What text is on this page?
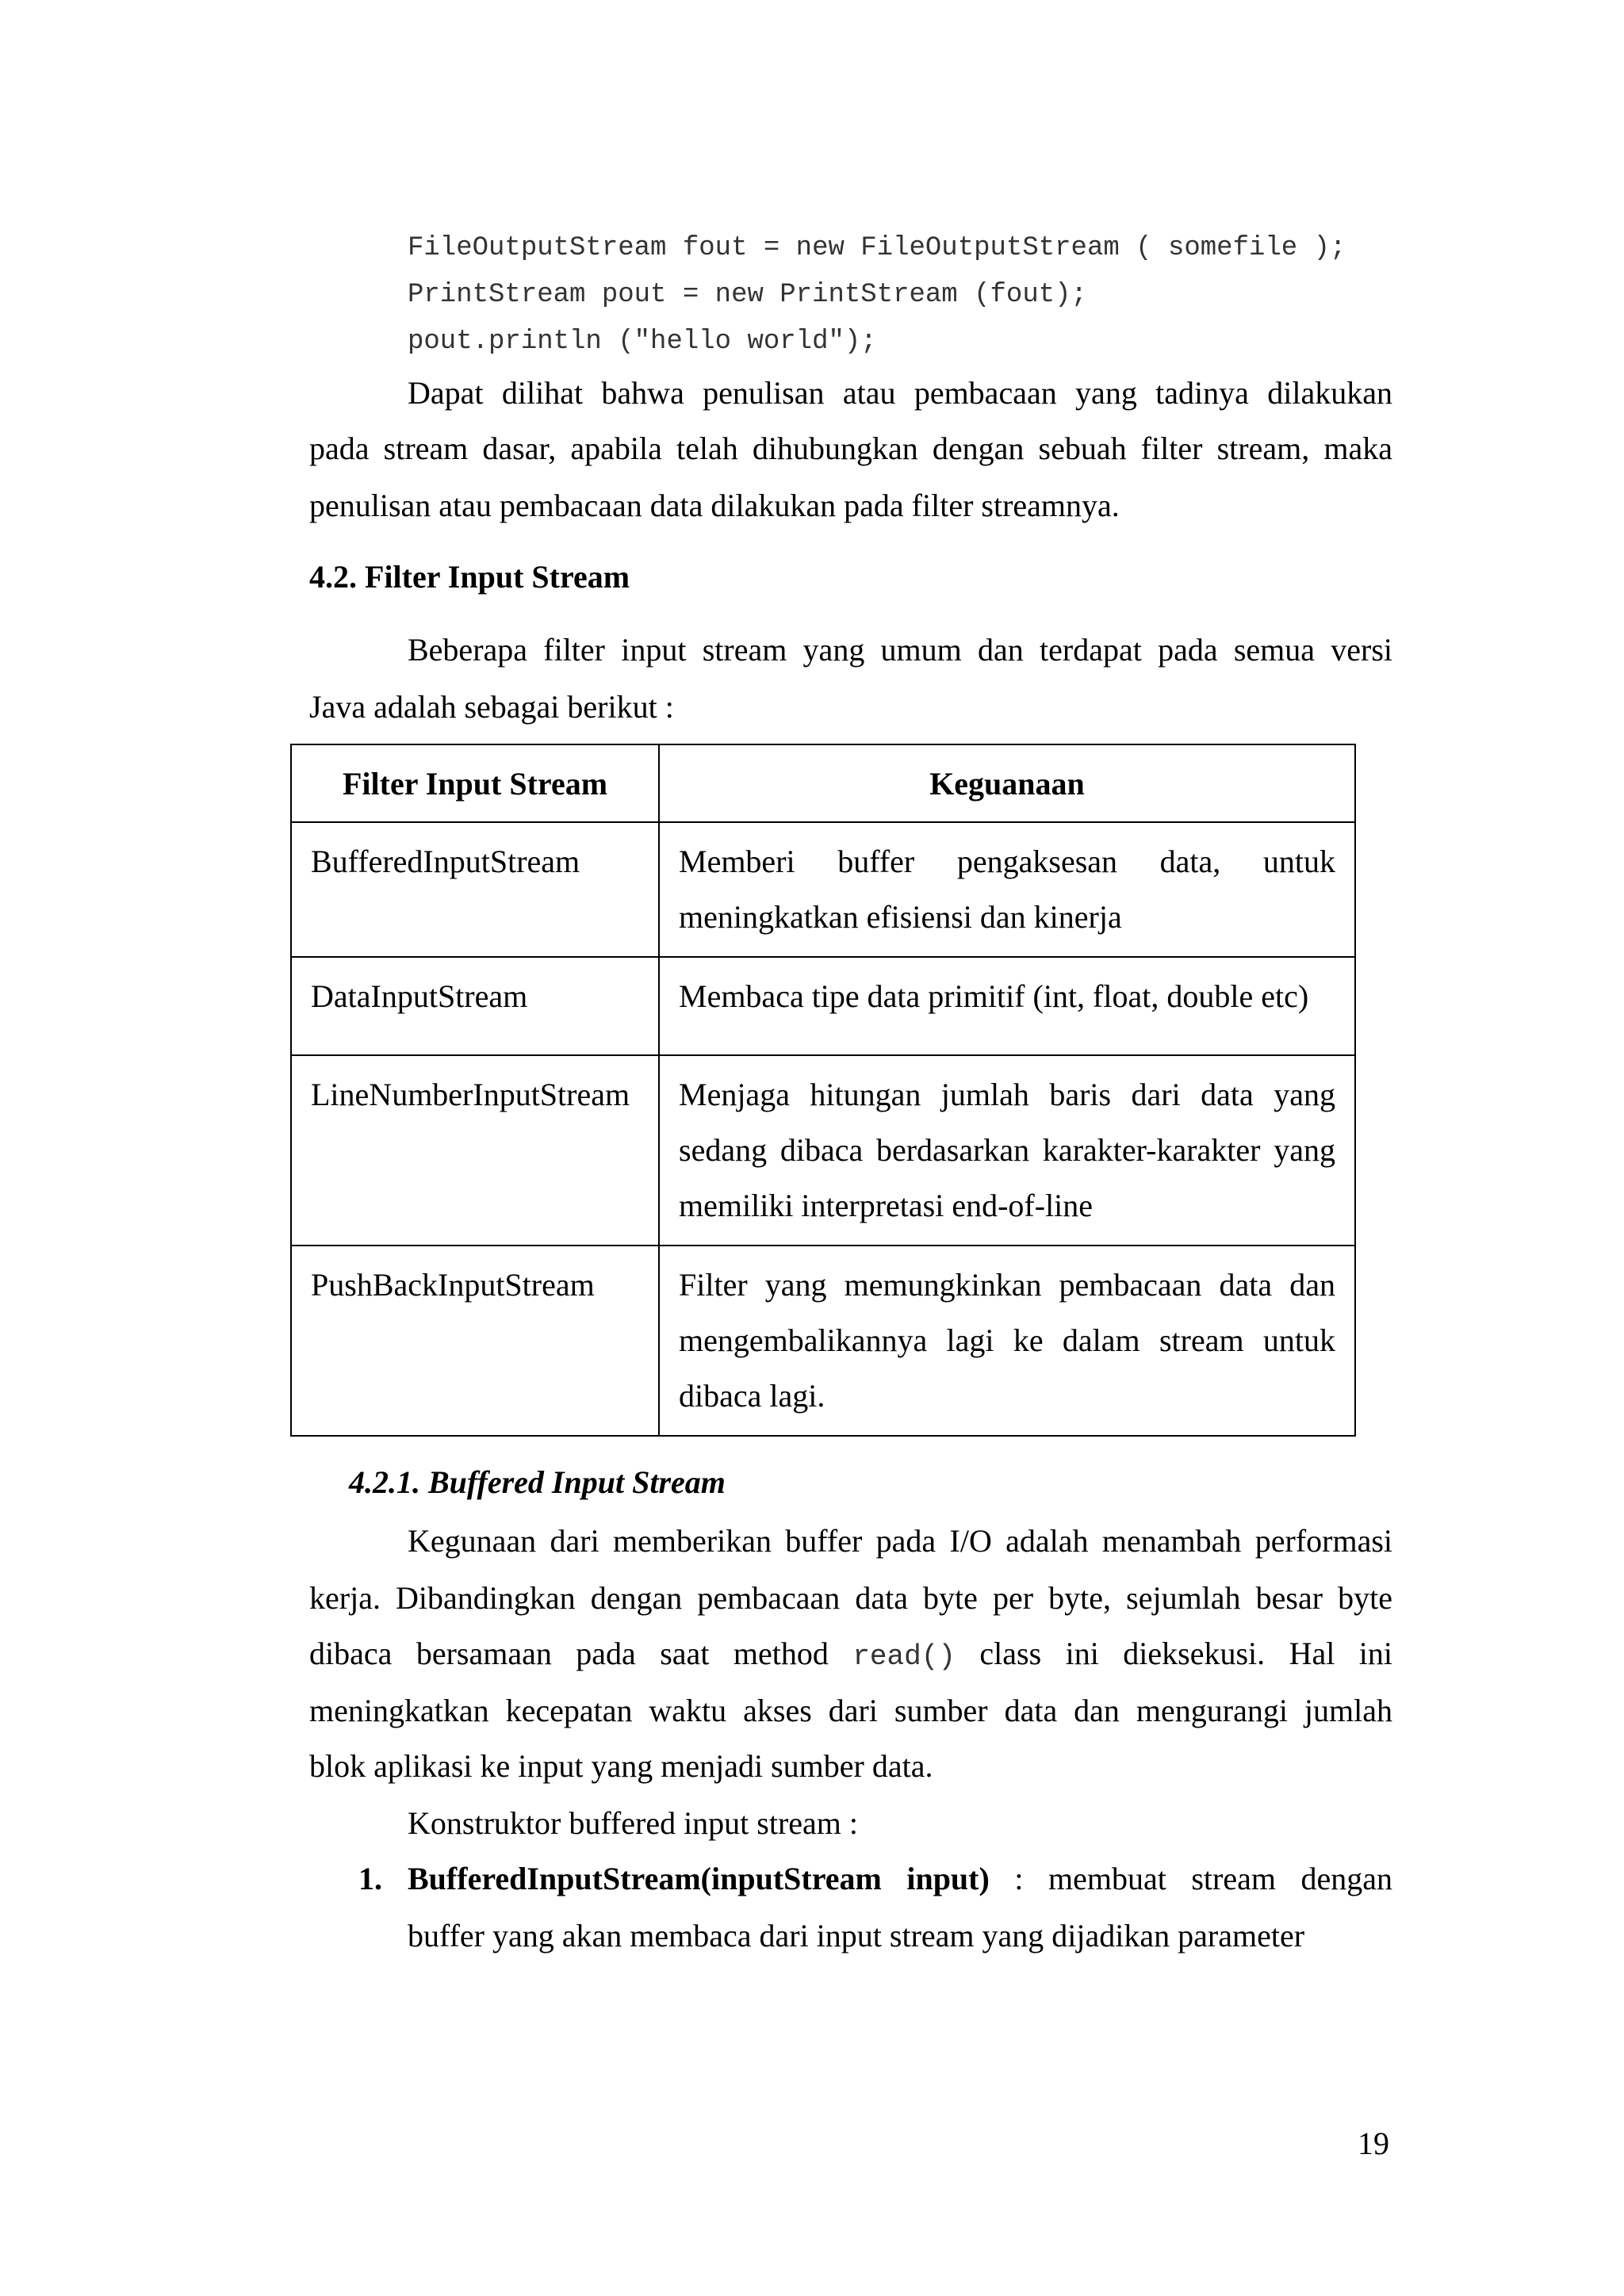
FileOutputStream fout = new FileOutputStream ( somefile );
PrintStream pout = new PrintStream (fout);
pout.println ("hello world");
Dapat dilihat bahwa penulisan atau pembacaan yang tadinya dilakukan
pada stream dasar, apabila telah dihubungkan dengan sebuah filter stream, maka
penulisan atau pembacaan data dilakukan pada filter streamnya.
4.2. Filter Input Stream
Beberapa filter input stream yang umum dan terdapat pada semua versi
Java adalah sebagai berikut :
Filter Input Stream	Keguanaan
BufferedInputStream	Memberi buffer pengaksesan data, untuk
meningkatkan efisiensi dan kinerja

DataInputStream	Membaca tipe data primitif (int, float, double etc)

LineNumberInputStream	Menjaga hitungan jumlah baris dari data yang
sedang dibaca berdasarkan karakter-karakter yang
memiliki interpretasi end-of-line

PushBackInputStream	Filter yang memungkinkan pembacaan data dan
mengembalikannya lagi ke dalam stream untuk
dibaca lagi.
4.2.1. Buffered Input Stream
Kegunaan dari memberikan buffer pada I/O adalah menambah performasi
kerja. Dibandingkan dengan pembacaan data byte per byte, sejumlah besar byte
dibaca bersamaan pada saat method read() class ini dieksekusi. Hal ini
meningkatkan kecepatan waktu akses dari sumber data dan mengurangi jumlah
blok aplikasi ke input yang menjadi sumber data.
Konstruktor buffered input stream :
1. BufferedInputStream(inputStream input) : membuat stream dengan
buffer yang akan membaca dari input stream yang dijadikan parameter
19
